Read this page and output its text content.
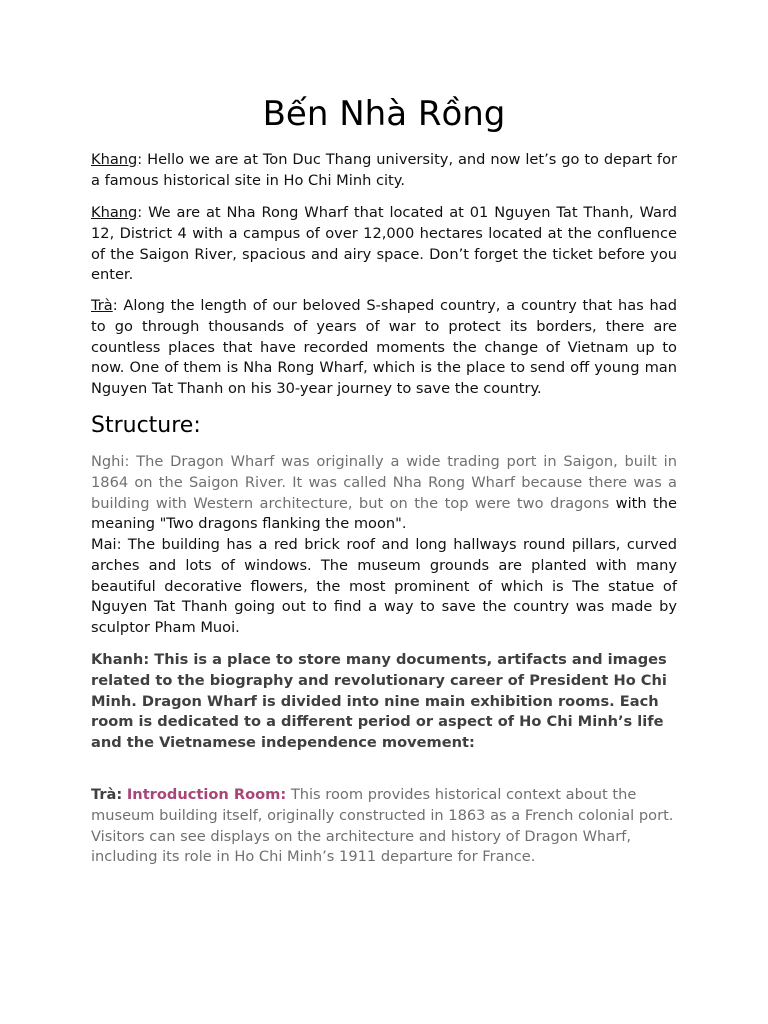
Bến Nhà Rồng

Khang: Hello we are at Ton Duc Thang university, and now let’s go to depart for a famous historical site in Ho Chi Minh city.

Khang: We are at Nha Rong Wharf that located at 01 Nguyen Tat Thanh, Ward 12, District 4 with a campus of over 12,000 hectares located at the confluence of the Saigon River, spacious and airy space. Don’t forget the ticket before you enter.

Trà: Along the length of our beloved S-shaped country, a country that has had to go through thousands of years of war to protect its borders, there are countless places that have recorded moments the change of Vietnam up to now. One of them is Nha Rong Wharf, which is the place to send off young man Nguyen Tat Thanh on his 30-year journey to save the country.

Structure:

Nghi: The Dragon Wharf was originally a wide trading port in Saigon, built in 1864 on the Saigon River. It was called Nha Rong Wharf because there was a building with Western architecture, but on the top were two dragons with the meaning "Two dragons flanking the moon".

Mai: The building has a red brick roof and long hallways round pillars, curved arches and lots of windows. The museum grounds are planted with many beautiful decorative flowers, the most prominent of which is The statue of Nguyen Tat Thanh going out to find a way to save the country was made by sculptor Pham Muoi.

Khanh: This is a place to store many documents, artifacts and images related to the biography and revolutionary career of President Ho Chi Minh. Dragon Wharf is divided into nine main exhibition rooms. Each room is dedicated to a different period or aspect of Ho Chi Minh’s life and the Vietnamese independence movement:

Trà: Introduction Room: This room provides historical context about the museum building itself, originally constructed in 1863 as a French colonial port. Visitors can see displays on the architecture and history of Dragon Wharf, including its role in Ho Chi Minh’s 1911 departure for France.
